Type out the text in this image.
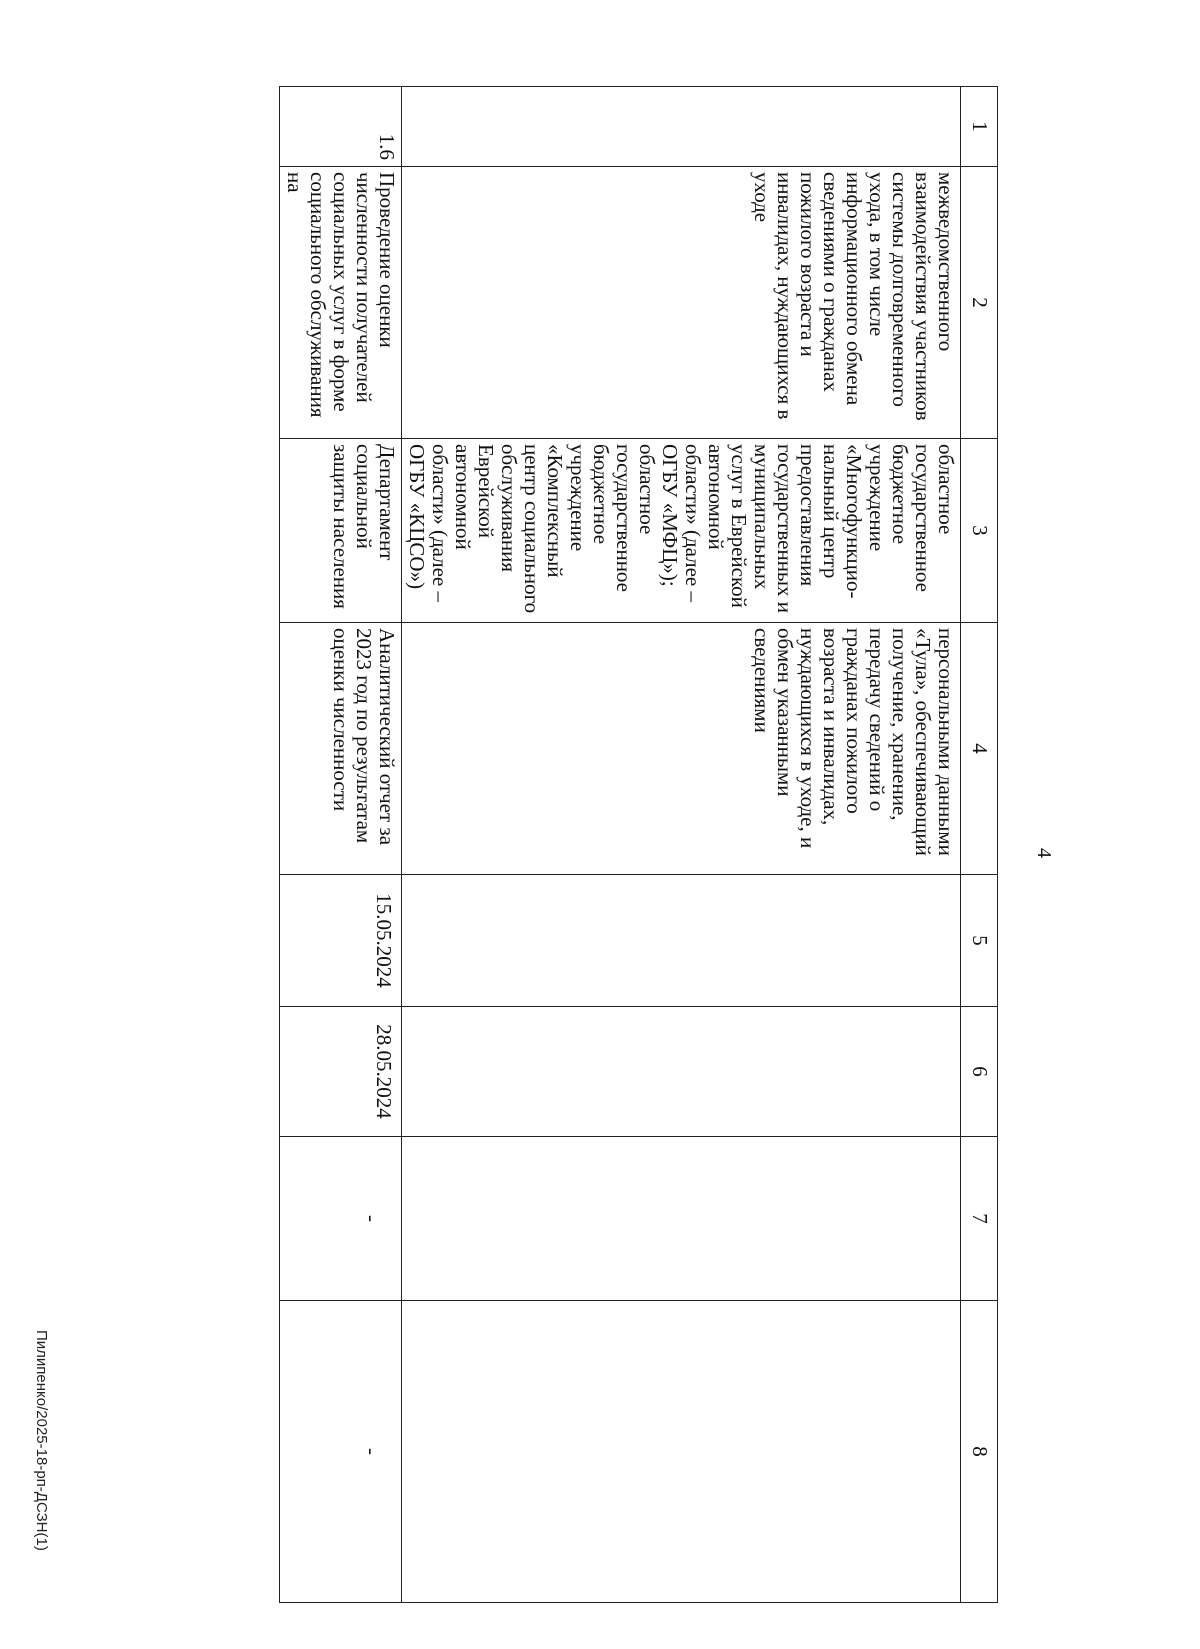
4
1	2	3	4	5	6	7	8
	межведомственного взаимодействия участников системы долговременного ухода, в том числе информационного обмена сведениями о гражданах пожилого возраста и инвалидах, нуждающихся в уходе	областное государственное бюджетное учреждение «Многофункцио-нальный центр предоставления государственных и муниципальных услуг в Еврейской автономной области» (далее – ОГБУ «МФЦ»); областное государственное бюджетное учреждение «Комплексный центр социального обслуживания Еврейской автономной области» (далее – ОГБУ «КЦСО»)	персональными данными «Тула», обеспечивающий получение, хранение, передачу сведений о гражданах пожилого возраста и инвалидах, нуждающихся в уходе, и обмен указанными сведениями				
1.6	Проведение оценки численности получателей социальных услуг в форме социального обслуживания на	Департамент социальной защиты населения	Аналитический отчет за 2023 год по результатам оценки численности	15.05.2024	28.05.2024	-	-
Пилипенко/2025-18-рп-ДСЗН(1)
